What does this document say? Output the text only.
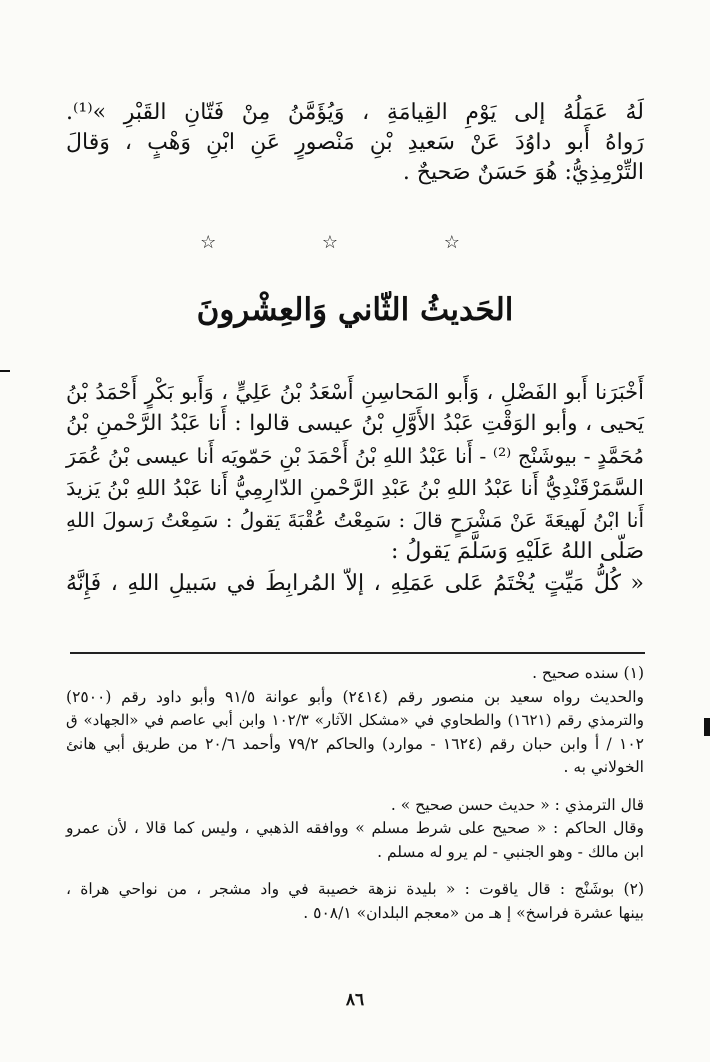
لَهُ عَمَلُهُ إلى يَوْمِ القِيامَةِ ، وَيُؤَمَّنُ مِنْ فَتّانِ القَبْرِ »⁽¹⁾.
رَواهُ أَبو داوُدَ عَنْ سَعيدِ بْنِ مَنْصورٍ عَنِ ابْنِ وَهْبٍ ، وَقالَ
التِّرْمِذِيُّ: هُوَ حَسَنٌ صَحيحٌ .
☆ ☆ ☆
الحَديثُ الثّاني وَالعِشْرونَ
أَخْبَرَنا أَبو الفَضْلِ ، وَأَبو المَحاسِنِ أَسْعَدُ بْنُ عَلِيٍّ ، وَأَبو بَكْرٍ أَحْمَدُ بْنُ
يَحيى ، وأبو الوَقْتِ عَبْدُ الأَوَّلِ بْنُ عيسى قالوا : أَنا عَبْدُ الرَّحْمنِ بْنُ
مُحَمَّدٍ - بيوشَنْج ⁽²⁾ - أَنا عَبْدُ اللهِ بْنُ أَحْمَدَ بْنِ حَمّويَه أَنا عيسى بْنُ عُمَرَ
السَّمَرْقَنْدِيُّ أَنا عَبْدُ اللهِ بْنُ عَبْدِ الرَّحْمنِ الدّارِمِيُّ أَنا عَبْدُ اللهِ بْنُ يَزيدَ
أَنا ابْنُ لَهيعَةَ عَنْ مَشْرَحٍ قالَ : سَمِعْتُ عُقْبَةَ يَقولُ : سَمِعْتُ رَسولَ اللهِ
صَلّى اللهُ عَلَيْهِ وَسَلَّمَ يَقولُ :
« كُلُّ مَيِّتٍ يُخْتَمُ عَلى عَمَلِهِ ، إلاّ المُرابِطَ في سَبيلِ اللهِ ، فَإِنَّهُ
(١) سنده صحيح .
والحديث رواه سعيد بن منصور رقم (٢٤١٤) وأبو عوانة ٩١/٥ وأبو داود رقم (٢٥٠٠)
والترمذي رقم (١٦٢١) والطحاوي في «مشكل الآثار» ١٠٢/٣ وابن أبي عاصم في «الجهاد» ق
١٠٢ / أ وابن حبان رقم (١٦٢٤ - موارد) والحاكم ٧٩/٢ وأحمد ٢٠/٦ من طريق أبي هانئ
الخولاني به .
قال الترمذي : « حديث حسن صحيح » .
وقال الحاكم : « صحيح على شرط مسلم » ووافقه الذهبي ، وليس كما قالا ، لأن عمرو
ابن مالك - وهو الجنبي - لم يرو له مسلم .
(٢) بوشَنْج : قال ياقوت : « بليدة نزهة خصيبة في واد مشجر ، من نواحي هراة ،
بينها عشرة فراسخ» إ هـ من «معجم البلدان» ٥٠٨/١ .
٨٦
